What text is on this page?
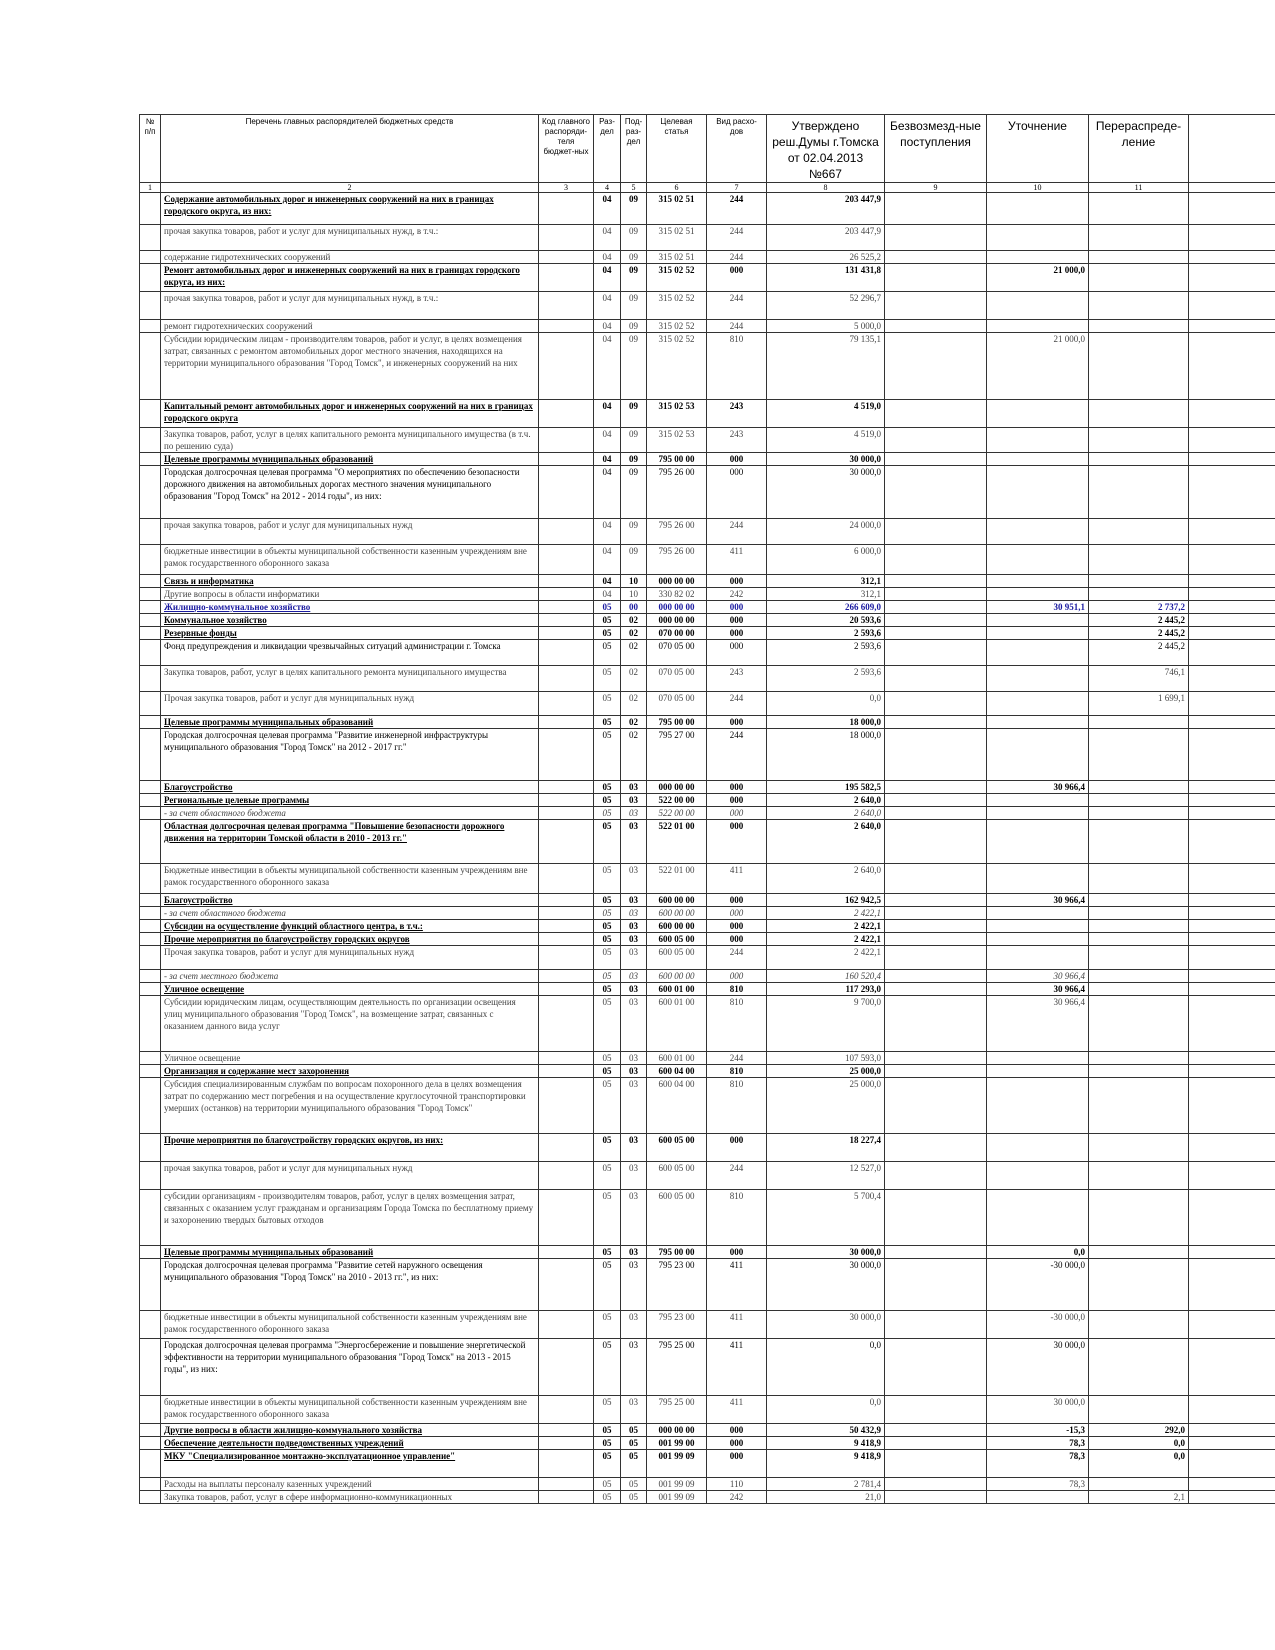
№ п/п	Перечень главных распорядителей бюджетных средств	Код главного распоряди-теля бюджет-ных	Раз-дел	Под-раз-дел	Целевая статья	Вид расхо-дов	Утверждено реш.Думы г.Томска от 02.04.2013 №667	Безвозмезд-ные поступления	Уточнение	Перераспреде-ление	
1	2	3	4	5	6	7	8	9	10	11	
	Содержание автомобильных дорог и инженерных сооружений на них в границах городского округа, из них:		04	09	315 02 51	244	203 447,9				
	прочая закупка товаров, работ и услуг для муниципальных нужд, в т.ч.:		04	09	315 02 51	244	203 447,9				
	содержание гидротехнических сооружений		04	09	315 02 51	244	26 525,2				
	Ремонт автомобильных дорог и инженерных сооружений на них в границах городского округа, из них:		04	09	315 02 52	000	131 431,8		21 000,0		
	прочая закупка товаров, работ и услуг для муниципальных нужд, в т.ч.:		04	09	315 02 52	244	52 296,7				
	ремонт гидротехнических сооружений		04	09	315 02 52	244	5 000,0				
	Субсидии юридическим лицам - производителям товаров, работ и услуг, в целях возмещения затрат, связанных с ремонтом автомобильных дорог местного значения, находящихся на территории муниципального образования "Город Томск", и инженерных сооружений на них		04	09	315 02 52	810	79 135,1		21 000,0		
	Капитальный ремонт автомобильных дорог и инженерных сооружений на них в границах городского округа		04	09	315 02 53	243	4 519,0				
	Закупка товаров, работ, услуг в целях капитального ремонта муниципального имущества (в т.ч. по решению суда)		04	09	315 02 53	243	4 519,0				
	Целевые программы муниципальных образований		04	09	795 00 00	000	30 000,0				
	Городская долгосрочная целевая программа "О мероприятиях по обеспечению безопасности дорожного движения на автомобильных дорогах местного значения муниципального образования "Город Томск" на 2012 - 2014 годы", из них:		04	09	795 26 00	000	30 000,0				
	прочая закупка товаров, работ и услуг для муниципальных нужд		04	09	795 26 00	244	24 000,0				
	бюджетные инвестиции в объекты муниципальной собственности казенным учреждениям вне рамок государственного оборонного заказа		04	09	795 26 00	411	6 000,0				
	Связь и информатика		04	10	000 00 00	000	312,1				
	Другие вопросы в области информатики		04	10	330 82 02	242	312,1				
	Жилищно-коммунальное хозяйство		05	00	000 00 00	000	266 609,0		30 951,1	2 737,2	
	Коммунальное хозяйство		05	02	000 00 00	000	20 593,6			2 445,2	
	Резервные фонды		05	02	070 00 00	000	2 593,6			2 445,2	
	Фонд предупреждения и ликвидации чрезвычайных ситуаций администрации г. Томска		05	02	070 05 00	000	2 593,6			2 445,2	
	Закупка товаров, работ, услуг в целях капитального ремонта муниципального имущества		05	02	070 05 00	243	2 593,6			746,1	
	Прочая закупка товаров, работ и услуг для муниципальных нужд		05	02	070 05 00	244	0,0			1 699,1	
	Целевые программы муниципальных образований		05	02	795 00 00	000	18 000,0				
	Городская долгосрочная целевая программа "Развитие инженерной инфраструктуры муниципального образования "Город Томск" на 2012 - 2017 гг."		05	02	795 27 00	244	18 000,0				
	Благоустройство		05	03	000 00 00	000	195 582,5		30 966,4		
	Региональные целевые программы		05	03	522 00 00	000	2 640,0				
	- за счет областного бюджета		05	03	522 00 00	000	2 640,0				
	Областная долгосрочная целевая программа "Повышение безопасности дорожного движения на территории Томской области в 2010 - 2013 гг."		05	03	522 01 00	000	2 640,0				
	Бюджетные инвестиции в объекты муниципальной собственности казенным учреждениям вне рамок государственного оборонного заказа		05	03	522 01 00	411	2 640,0				
	Благоустройство		05	03	600 00 00	000	162 942,5		30 966,4		
	- за счет областного бюджета		05	03	600 00 00	000	2 422,1				
	Субсидии на осуществление функций областного центра, в т.ч.:		05	03	600 00 00	000	2 422,1				
	Прочие мероприятия по благоустройству городских округов		05	03	600 05 00	000	2 422,1				
	Прочая закупка товаров, работ и услуг для муниципальных нужд		05	03	600 05 00	244	2 422,1				
	- за счет местного бюджета		05	03	600 00 00	000	160 520,4		30 966,4		
	Уличное освещение		05	03	600 01 00	810	117 293,0		30 966,4		
	Субсидии юридическим лицам, осуществляющим деятельность по организации освещения улиц муниципального образования "Город Томск", на возмещение затрат, связанных с оказанием данного вида услуг		05	03	600 01 00	810	9 700,0		30 966,4		
	Уличное освещение		05	03	600 01 00	244	107 593,0				
	Организация и содержание мест захоронения		05	03	600 04 00	810	25 000,0				
	Субсидия специализированным службам по вопросам похоронного дела в целях возмещения затрат по содержанию мест погребения и на осуществление круглосуточной транспортировки умерших (останков) на территории муниципального образования "Город Томск"		05	03	600 04 00	810	25 000,0				
	Прочие мероприятия по благоустройству городских округов, из них:		05	03	600 05 00	000	18 227,4				
	прочая закупка товаров, работ и услуг для муниципальных нужд		05	03	600 05 00	244	12 527,0				
	субсидии организациям - производителям товаров, работ, услуг в целях возмещения затрат, связанных с оказанием услуг гражданам и организациям Города Томска по бесплатному приему и захоронению твердых бытовых отходов		05	03	600 05 00	810	5 700,4				
	Целевые программы муниципальных образований		05	03	795 00 00	000	30 000,0		0,0		
	Городская долгосрочная целевая программа "Развитие сетей наружного освещения муниципального образования "Город Томск" на 2010 - 2013 гг.", из них:		05	03	795 23 00	411	30 000,0		-30 000,0		
	бюджетные инвестиции в объекты муниципальной собственности казенным учреждениям вне рамок государственного оборонного заказа		05	03	795 23 00	411	30 000,0		-30 000,0		
	Городская долгосрочная целевая программа "Энергосбережение и повышение энергетической эффективности на территории муниципального образования "Город Томск" на 2013 - 2015 годы", из них:		05	03	795 25 00	411	0,0		30 000,0		
	бюджетные инвестиции в объекты муниципальной собственности казенным учреждениям вне рамок государственного оборонного заказа		05	03	795 25 00	411	0,0		30 000,0		
	Другие вопросы в области жилищно-коммунального хозяйства		05	05	000 00 00	000	50 432,9		-15,3	292,0	
	Обеспечение деятельности подведомственных учреждений		05	05	001 99 00	000	9 418,9		78,3	0,0	
	МКУ "Специализированное монтажно-эксплуатационное управление"		05	05	001 99 09	000	9 418,9		78,3	0,0	
	Расходы на выплаты персоналу казенных учреждений		05	05	001 99 09	110	2 781,4		78,3		
	Закупка товаров, работ, услуг в сфере информационно-коммуникационных		05	05	001 99 09	242	21,0			2,1	
